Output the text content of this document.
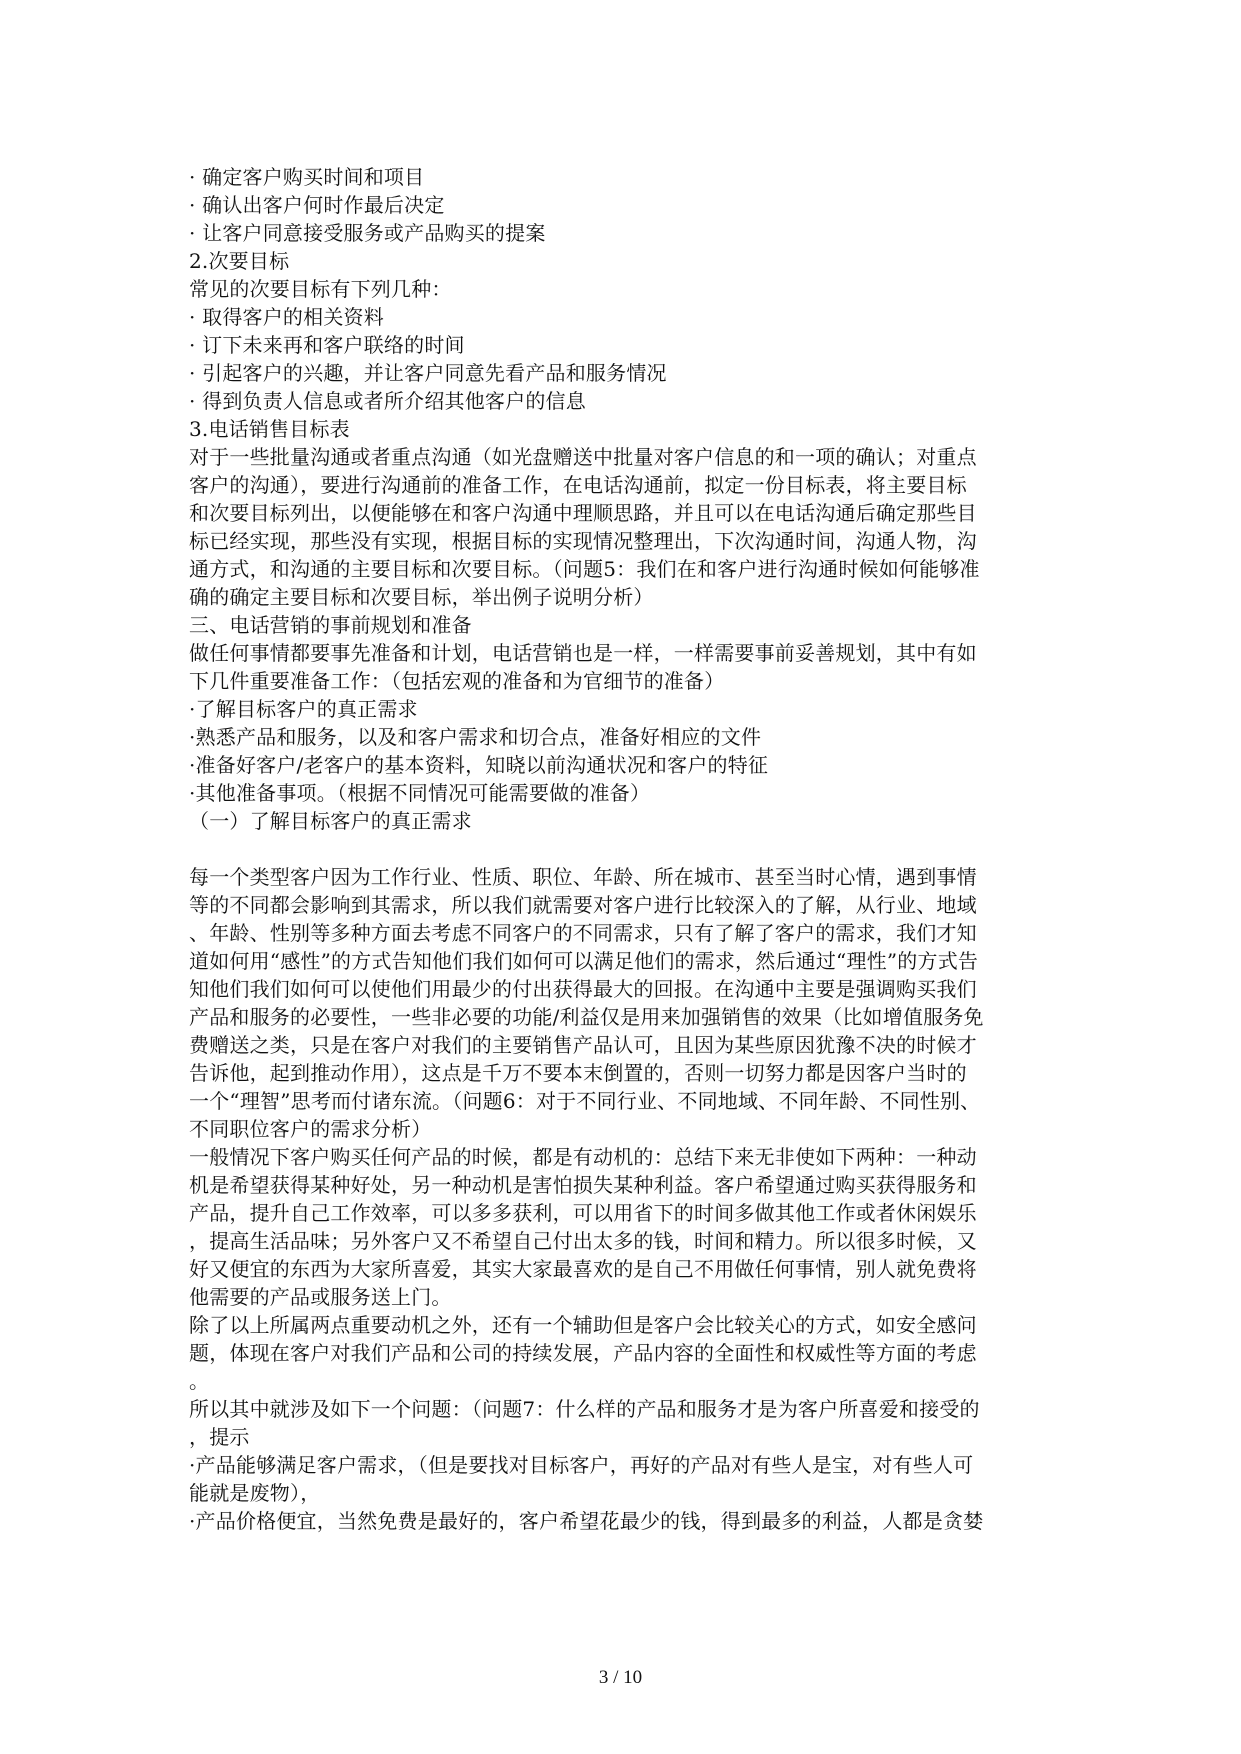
· 确定客户购买时间和项目
· 确认出客户何时作最后决定
· 让客户同意接受服务或产品购买的提案
2.次要目标
常见的次要目标有下列几种：
· 取得客户的相关资料
· 订下未来再和客户联络的时间
· 引起客户的兴趣，并让客户同意先看产品和服务情况
· 得到负责人信息或者所介绍其他客户的信息
3.电话销售目标表
对于一些批量沟通或者重点沟通（如光盘赠送中批量对客户信息的和一项的确认；对重点
客户的沟通），要进行沟通前的准备工作，在电话沟通前，拟定一份目标表，将主要目标
和次要目标列出，以便能够在和客户沟通中理顺思路，并且可以在电话沟通后确定那些目
标已经实现，那些没有实现，根据目标的实现情况整理出，下次沟通时间，沟通人物，沟
通方式，和沟通的主要目标和次要目标。（问题5：我们在和客户进行沟通时候如何能够准
确的确定主要目标和次要目标，举出例子说明分析）
三、电话营销的事前规划和准备
做任何事情都要事先准备和计划，电话营销也是一样，一样需要事前妥善规划，其中有如
下几件重要准备工作：（包括宏观的准备和为官细节的准备）
·了解目标客户的真正需求
·熟悉产品和服务，以及和客户需求和切合点，准备好相应的文件
·准备好客户/老客户的基本资料，知晓以前沟通状况和客户的特征
·其他准备事项。（根据不同情况可能需要做的准备）
（一）了解目标客户的真正需求
每一个类型客户因为工作行业、性质、职位、年龄、所在城市、甚至当时心情，遇到事情
等的不同都会影响到其需求，所以我们就需要对客户进行比较深入的了解，从行业、地域
、年龄、性别等多种方面去考虑不同客户的不同需求，只有了解了客户的需求，我们才知
道如何用“感性”的方式告知他们我们如何可以满足他们的需求，然后通过“理性”的方式告
知他们我们如何可以使他们用最少的付出获得最大的回报。在沟通中主要是强调购买我们
产品和服务的必要性，一些非必要的功能/利益仅是用来加强销售的效果（比如增值服务免
费赠送之类，只是在客户对我们的主要销售产品认可，且因为某些原因犹豫不决的时候才
告诉他，起到推动作用），这点是千万不要本末倒置的，否则一切努力都是因客户当时的
一个“理智”思考而付诸东流。（问题6：对于不同行业、不同地域、不同年龄、不同性别、
不同职位客户的需求分析）
一般情况下客户购买任何产品的时候，都是有动机的：总结下来无非使如下两种：一种动
机是希望获得某种好处，另一种动机是害怕损失某种利益。客户希望通过购买获得服务和
产品，提升自己工作效率，可以多多获利，可以用省下的时间多做其他工作或者休闲娱乐
，提高生活品味；另外客户又不希望自己付出太多的钱，时间和精力。所以很多时候，又
好又便宜的东西为大家所喜爱，其实大家最喜欢的是自己不用做任何事情，别人就免费将
他需要的产品或服务送上门。
除了以上所属两点重要动机之外，还有一个辅助但是客户会比较关心的方式，如安全感问
题，体现在客户对我们产品和公司的持续发展，产品内容的全面性和权威性等方面的考虑
。
所以其中就涉及如下一个问题：（问题7：什么样的产品和服务才是为客户所喜爱和接受的
，提示
·产品能够满足客户需求，（但是要找对目标客户，再好的产品对有些人是宝，对有些人可
能就是废物），
·产品价格便宜，当然免费是最好的，客户希望花最少的钱，得到最多的利益，人都是贪婪
3 / 10
